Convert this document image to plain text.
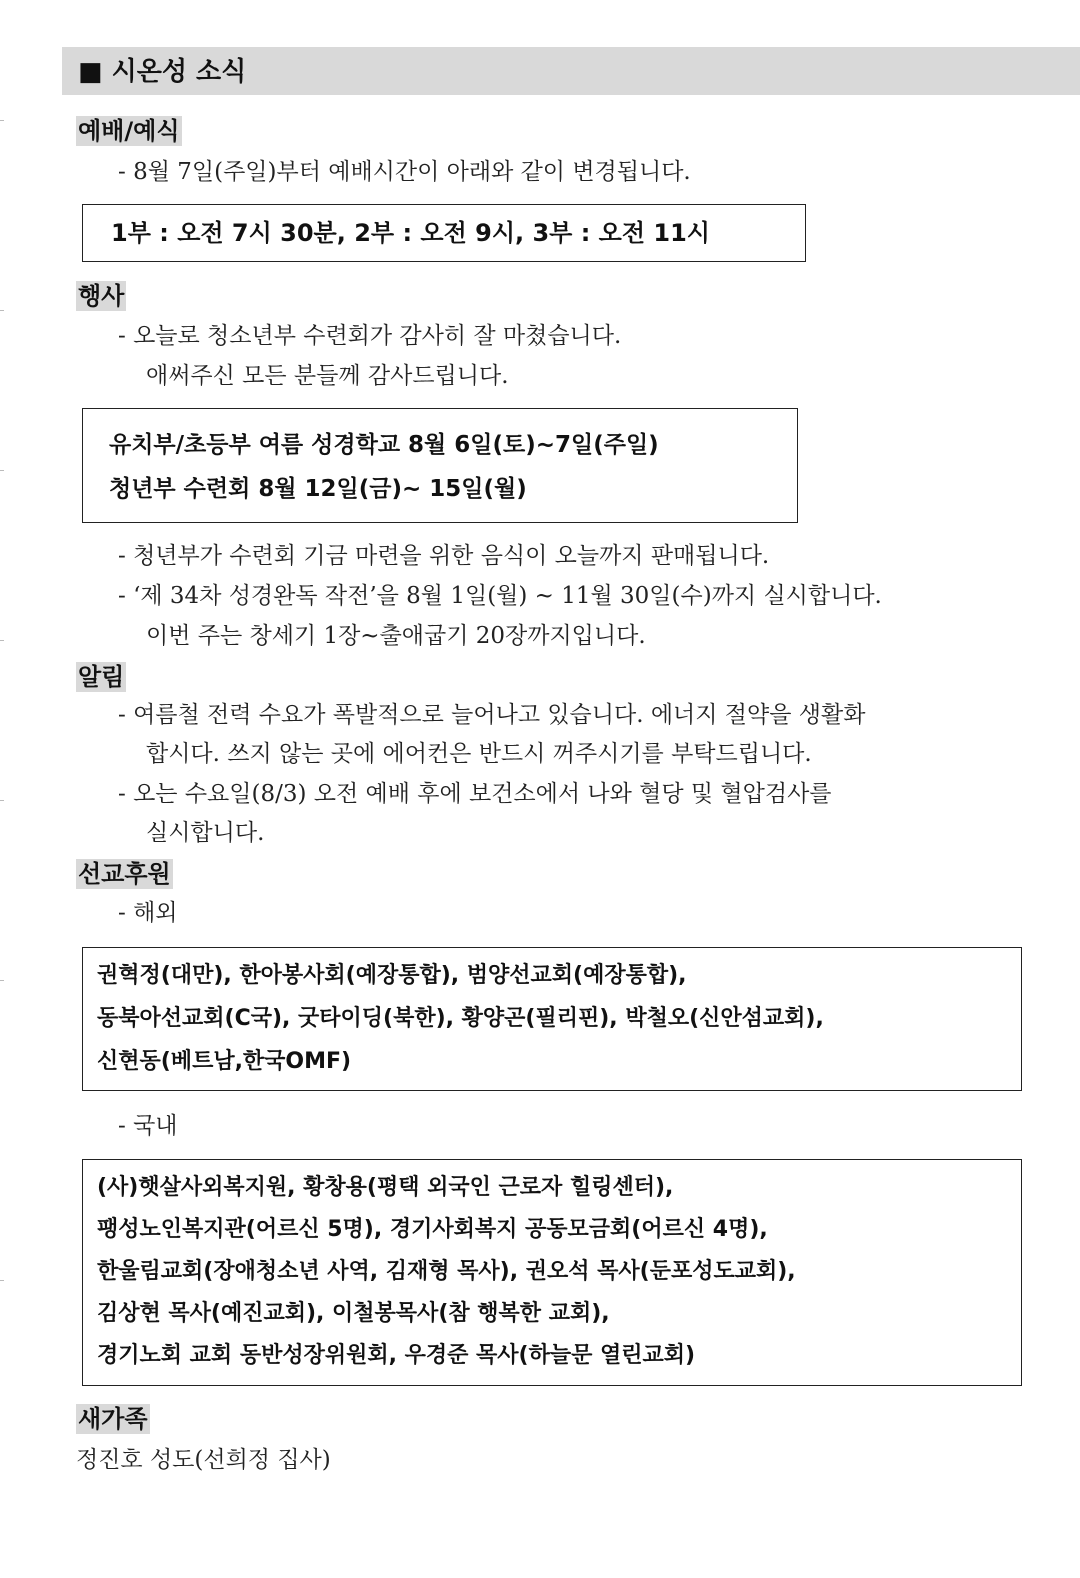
■ 시온성 소식
예배/예식
- 8월 7일(주일)부터 예배시간이 아래와 같이 변경됩니다.
1부 : 오전 7시 30분, 2부 : 오전 9시, 3부 : 오전 11시
행사
- 오늘로 청소년부 수련회가 감사히 잘 마쳤습니다.
애써주신 모든 분들께 감사드립니다.
유치부/초등부 여름 성경학교 8월 6일(토)~7일(주일)
청년부 수련회 8월 12일(금)~ 15일(월)
- 청년부가 수련회 기금 마련을 위한 음식이 오늘까지 판매됩니다.
- ‘제 34차 성경완독 작전’을 8월 1일(월) ~ 11월 30일(수)까지 실시합니다.
이번 주는 창세기 1장~출애굽기 20장까지입니다.
알림
- 여름철 전력 수요가 폭발적으로 늘어나고 있습니다. 에너지 절약을 생활화
합시다. 쓰지 않는 곳에 에어컨은 반드시 꺼주시기를 부탁드립니다.
- 오는 수요일(8/3) 오전 예배 후에 보건소에서 나와 혈당 및 혈압검사를
실시합니다.
선교후원
- 해외
권혁정(대만), 한아봉사회(예장통합), 범양선교회(예장통합),
동북아선교회(C국), 굿타이딩(북한), 황양곤(필리핀), 박철오(신안섬교회),
신현동(베트남,한국OMF)
- 국내
(사)햇살사외복지원, 황창용(평택 외국인 근로자 힐링센터),
팽성노인복지관(어르신 5명), 경기사회복지 공동모금회(어르신 4명),
한울림교회(장애청소년 사역, 김재형 목사), 권오석 목사(둔포성도교회),
김상현 목사(예진교회), 이철봉목사(참 행복한 교회),
경기노회 교회 동반성장위원회, 우경준 목사(하늘문 열린교회)
새가족
정진호 성도(선희정 집사)
